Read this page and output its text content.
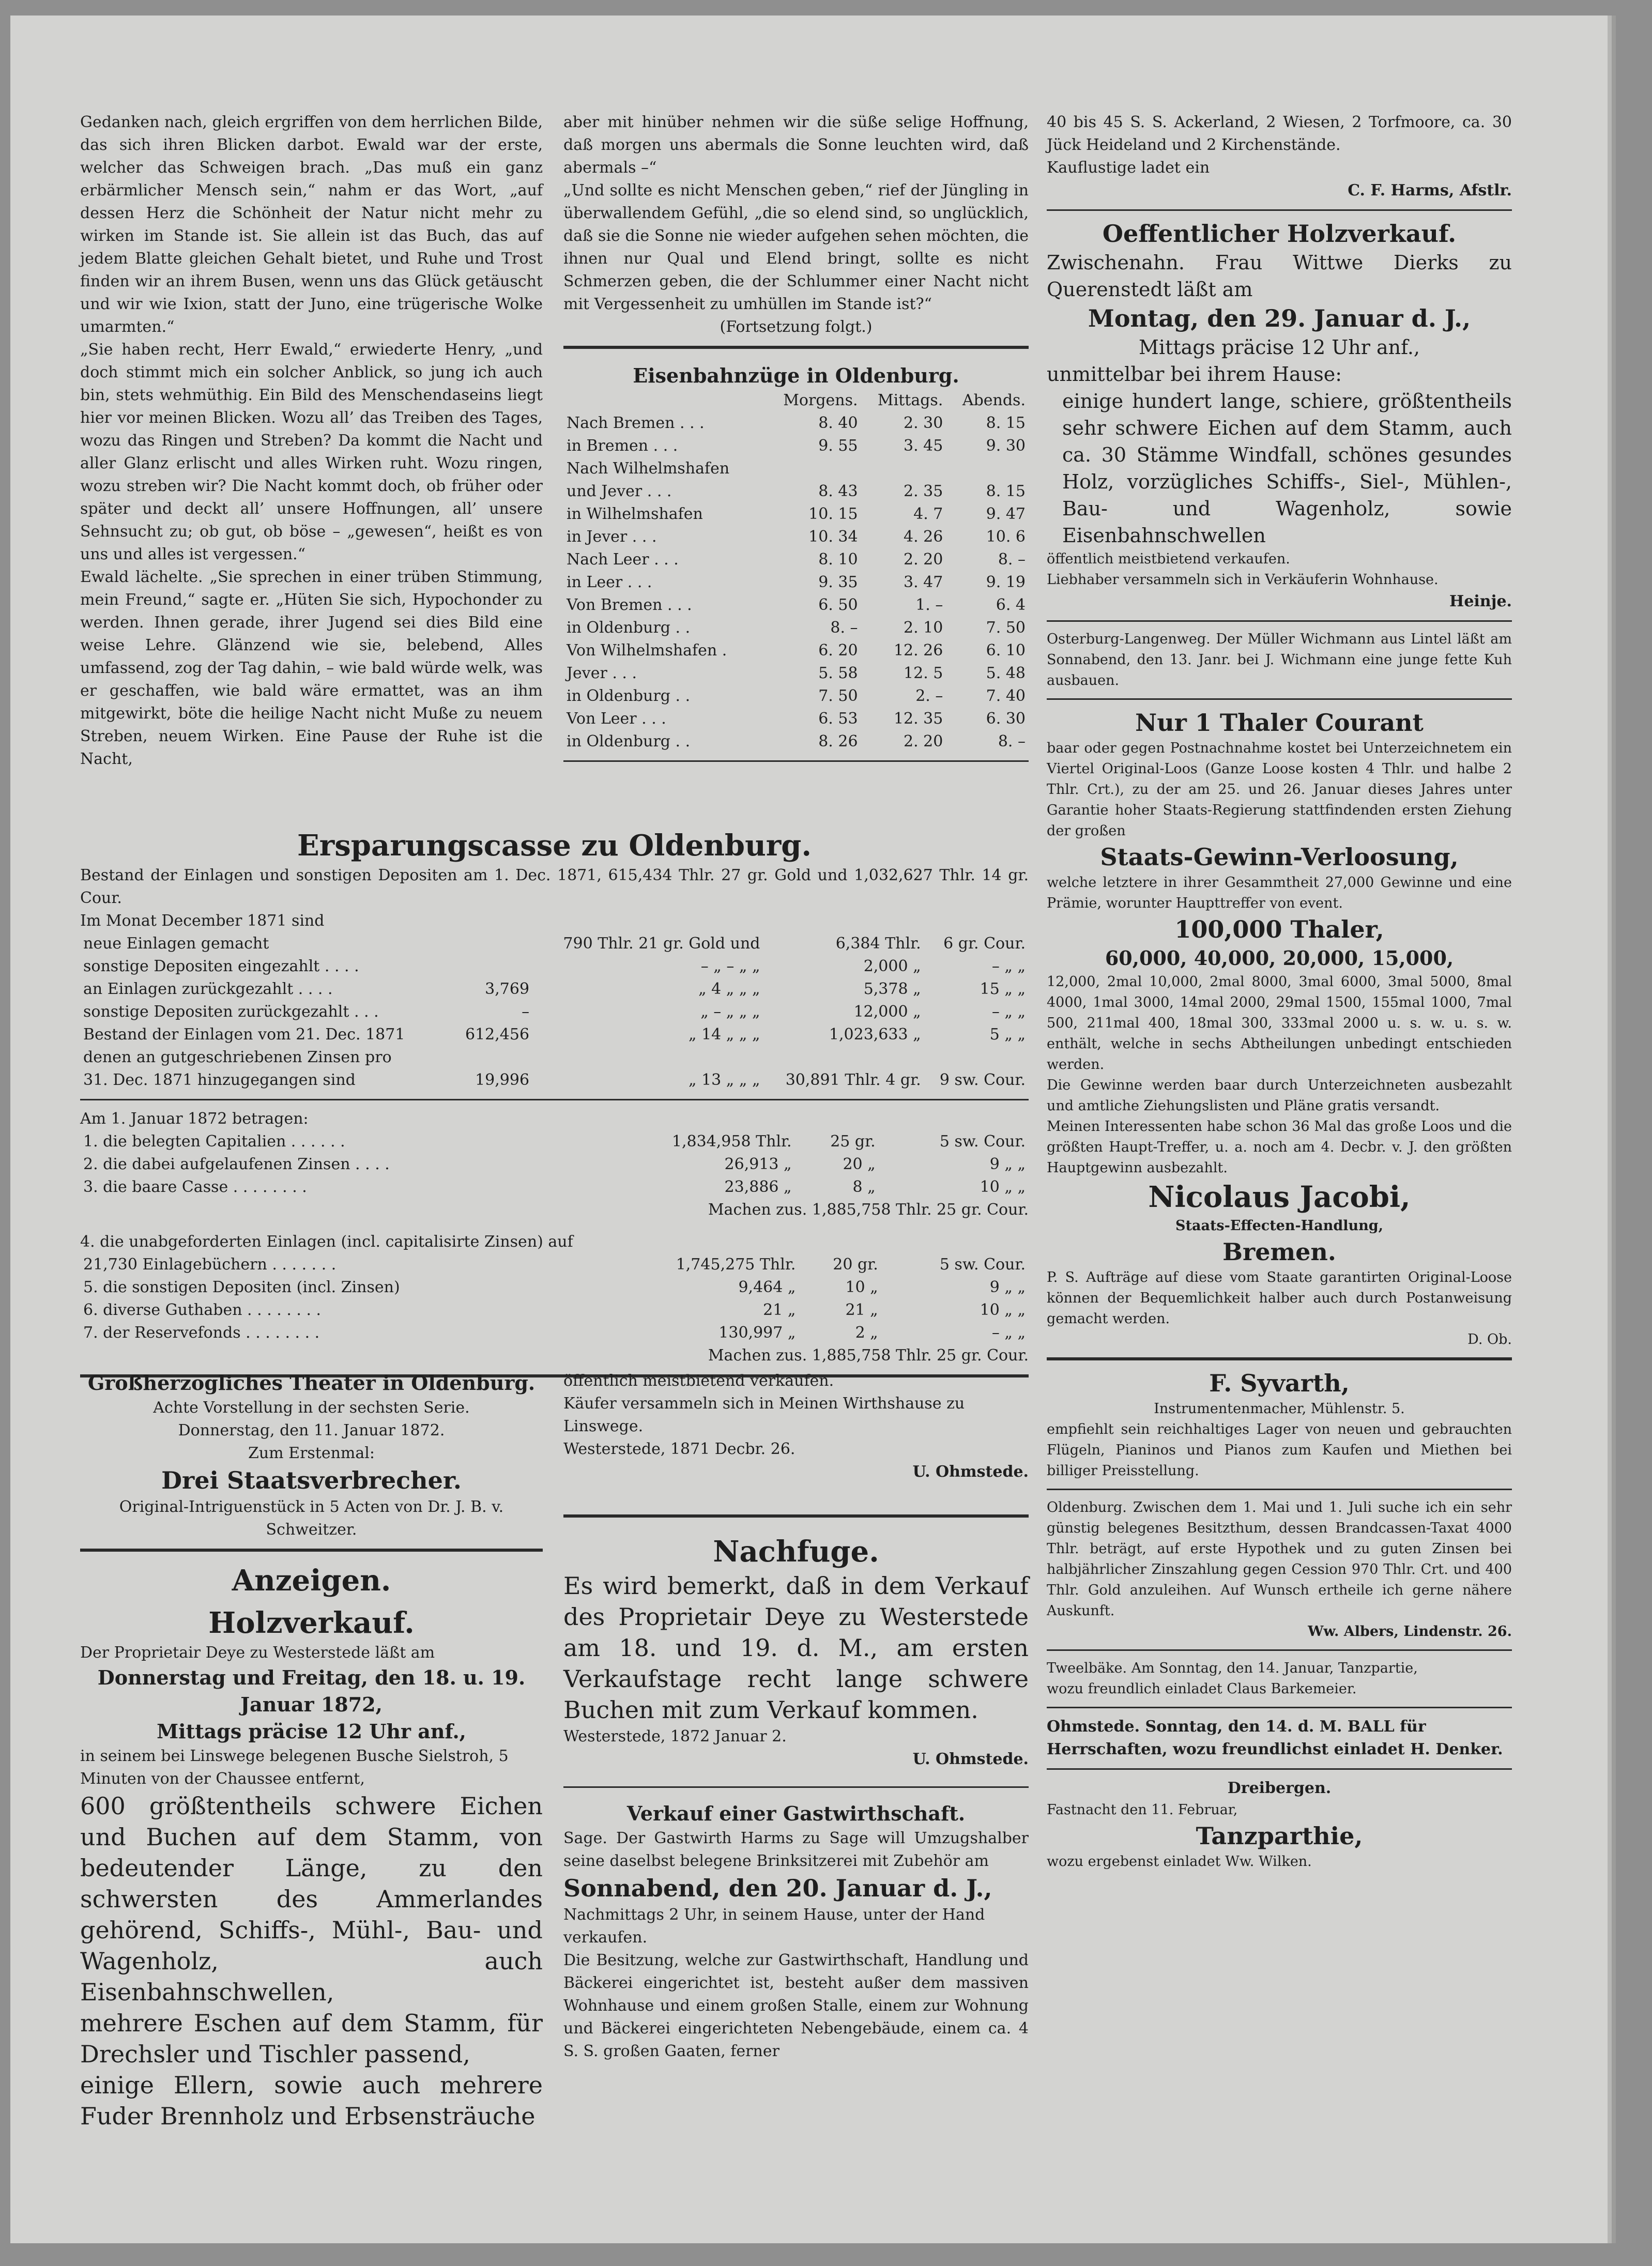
Gedanken nach, gleich ergriffen von dem herrlichen Bilde, das sich ihren Blicken darbot. Ewald war der erste, welcher das Schweigen brach. „Das muß ein ganz erbärmlicher Mensch sein,“ nahm er das Wort, „auf dessen Herz die Schönheit der Natur nicht mehr zu wirken im Stande ist. Sie allein ist das Buch, das auf jedem Blatte gleichen Gehalt bietet, und Ruhe und Trost finden wir an ihrem Busen, wenn uns das Glück getäuscht und wir wie Ixion, statt der Juno, eine trügerische Wolke umarmten.“

„Sie haben recht, Herr Ewald,“ erwiederte Henry, „und doch stimmt mich ein solcher Anblick, so jung ich auch bin, stets wehmüthig. Ein Bild des Menschendaseins liegt hier vor meinen Blicken. Wozu all’ das Treiben des Tages, wozu das Ringen und Streben? Da kommt die Nacht und aller Glanz erlischt und alles Wirken ruht. Wozu ringen, wozu streben wir? Die Nacht kommt doch, ob früher oder später und deckt all’ unsere Hoffnungen, all’ unsere Sehnsucht zu; ob gut, ob böse – „gewesen“, heißt es von uns und alles ist vergessen.“

Ewald lächelte. „Sie sprechen in einer trüben Stimmung, mein Freund,“ sagte er. „Hüten Sie sich, Hypochonder zu werden. Ihnen gerade, ihrer Jugend sei dies Bild eine weise Lehre. Glänzend wie sie, belebend, Alles umfassend, zog der Tag dahin, – wie bald würde welk, was er geschaffen, wie bald wäre ermattet, was an ihm mitgewirkt, böte die heilige Nacht nicht Muße zu neuem Streben, neuem Wirken. Eine Pause der Ruhe ist die Nacht,

aber mit hinüber nehmen wir die süße selige Hoffnung, daß morgen uns abermals die Sonne leuchten wird, daß abermals –“

„Und sollte es nicht Menschen geben,“ rief der Jüngling in überwallendem Gefühl, „die so elend sind, so unglücklich, daß sie die Sonne nie wieder aufgehen sehen möchten, die ihnen nur Qual und Elend bringt, sollte es nicht Schmerzen geben, die der Schlummer einer Nacht nicht mit Vergessenheit zu umhüllen im Stande ist?“

(Fortsetzung folgt.)

Eisenbahnzüge in Oldenburg.

	Morgens.	Mittags.	Abends.
Nach Bremen . . .	8. 40	2. 30	8. 15
in Bremen . . .	9. 55	3. 45	9. 30
Nach Wilhelmshafen			
und Jever . . .	8. 43	2. 35	8. 15
in Wilhelmshafen	10. 15	4. 7	9. 47
in Jever . . .	10. 34	4. 26	10. 6
Nach Leer . . .	8. 10	2. 20	8. –
in Leer . . .	9. 35	3. 47	9. 19
Von Bremen . . .	6. 50	1. –	6. 4
in Oldenburg . .	8. –	2. 10	7. 50
Von Wilhelmshafen .	6. 20	12. 26	6. 10
Jever . . .	5. 58	12. 5	5. 48
in Oldenburg . .	7. 50	2. –	7. 40
Von Leer . . .	6. 53	12. 35	6. 30
in Oldenburg . .	8. 26	2. 20	8. –

Ersparungscasse zu Oldenburg.

Bestand der Einlagen und sonstigen Depositen am 1. Dec. 1871, 615,434 Thlr. 27 gr. Gold und 1,032,627 Thlr. 14 gr. Cour.

Im Monat December 1871 sind

neue Einlagen gemacht		790 Thlr. 21 gr. Gold und	6,384 Thlr.	6 gr. Cour.
sonstige Depositen eingezahlt . . . .		– „ – „ „	2,000 „	– „ „
an Einlagen zurückgezahlt . . . .	3,769	„ 4 „ „ „	5,378 „	15 „ „
sonstige Depositen zurückgezahlt . . .	–	„ – „ „ „	12,000 „	– „ „
Bestand der Einlagen vom 21. Dec. 1871	612,456	„ 14 „ „ „	1,023,633 „	5 „ „
denen an gutgeschriebenen Zinsen pro				
31. Dec. 1871 hinzugegangen sind	19,996	„ 13 „ „ „	30,891 Thlr. 4 gr.	9 sw. Cour.

Am 1. Januar 1872 betragen:

1. die belegten Capitalien . . . . . .	1,834,958 Thlr.	25 gr.	5 sw. Cour.
2. die dabei aufgelaufenen Zinsen . . . .	26,913 „	20 „	9 „ „
3. die baare Casse . . . . . . . .	23,886 „	8 „	10 „ „

Machen zus. 1,885,758 Thlr. 25 gr. Cour.

4. die unabgeforderten Einlagen (incl. capitalisirte Zinsen) auf

21,730 Einlagebüchern . . . . . . .	1,745,275 Thlr.	20 gr.	5 sw. Cour.
5. die sonstigen Depositen (incl. Zinsen)	9,464 „	10 „	9 „ „
6. diverse Guthaben . . . . . . . .	21 „	21 „	10 „ „
7. der Reservefonds . . . . . . . .	130,997 „	2 „	– „ „

Machen zus. 1,885,758 Thlr. 25 gr. Cour.

Großherzogliches Theater in Oldenburg.

Achte Vorstellung in der sechsten Serie.

Donnerstag, den 11. Januar 1872.

Zum Erstenmal:

Drei Staatsverbrecher.

Original-Intriguenstück in 5 Acten von Dr. J. B. v. Schweitzer.

Anzeigen.

Holzverkauf.

Der Proprietair Deye zu Westerstede läßt am

Donnerstag und Freitag, den 18. u. 19. Januar 1872,

Mittags präcise 12 Uhr anf.,

in seinem bei Linswege belegenen Busche Sielstroh, 5 Minuten von der Chaussee entfernt,

600 größtentheils schwere Eichen und Buchen auf dem Stamm, von bedeutender Länge, zu den schwersten des Ammerlandes gehörend, Schiffs-, Mühl-, Bau- und Wagenholz, auch Eisenbahnschwellen,
mehrere Eschen auf dem Stamm, für Drechsler und Tischler passend,
einige Ellern, sowie auch mehrere Fuder Brennholz und Erbsensträuche

öffentlich meistbietend verkaufen.

Käufer versammeln sich in Meinen Wirthshause zu Linswege.

Westerstede, 1871 Decbr. 26.

U. Ohmstede.

Nachfuge.

Es wird bemerkt, daß in dem Verkauf des Proprietair Deye zu Westerstede am 18. und 19. d. M., am ersten Verkaufstage recht lange schwere Buchen mit zum Verkauf kommen.

Westerstede, 1872 Januar 2.

U. Ohmstede.

Verkauf einer Gastwirthschaft.

Sage. Der Gastwirth Harms zu Sage will Umzugshalber seine daselbst belegene Brinksitzerei mit Zubehör am

Sonnabend, den 20. Januar d. J.,

Nachmittags 2 Uhr, in seinem Hause, unter der Hand verkaufen.

Die Besitzung, welche zur Gastwirthschaft, Handlung und Bäckerei eingerichtet ist, besteht außer dem massiven Wohnhause und einem großen Stalle, einem zur Wohnung und Bäckerei eingerichteten Nebengebäude, einem ca. 4 S. S. großen Gaaten, ferner

40 bis 45 S. S. Ackerland, 2 Wiesen, 2 Torfmoore, ca. 30 Jück Heideland und 2 Kirchenstände.
Kauflustige ladet ein

C. F. Harms, Afstlr.

Oeffentlicher Holzverkauf.

Zwischenahn. Frau Wittwe Dierks zu Querenstedt läßt am

Montag, den 29. Januar d. J.,

Mittags präcise 12 Uhr anf.,

unmittelbar bei ihrem Hause:

einige hundert lange, schiere, größtentheils sehr schwere Eichen auf dem Stamm, auch ca. 30 Stämme Windfall, schönes gesundes Holz, vorzügliches Schiffs-, Siel-, Mühlen-, Bau- und Wagenholz, sowie Eisenbahnschwellen

öffentlich meistbietend verkaufen.
Liebhaber versammeln sich in Verkäuferin Wohnhause.

Heinje.

Osterburg-Langenweg. Der Müller Wichmann aus Lintel läßt am Sonnabend, den 13. Janr. bei J. Wichmann eine junge fette Kuh ausbauen.

Nur 1 Thaler Courant

baar oder gegen Postnachnahme kostet bei Unterzeichnetem ein Viertel Original-Loos (Ganze Loose kosten 4 Thlr. und halbe 2 Thlr. Crt.), zu der am 25. und 26. Januar dieses Jahres unter Garantie hoher Staats-Regierung stattfindenden ersten Ziehung der großen

Staats-Gewinn-Verloosung,

welche letztere in ihrer Gesammtheit 27,000 Gewinne und eine Prämie, worunter Haupttreffer von event.

100,000 Thaler,

60,000, 40,000, 20,000, 15,000,

12,000, 2mal 10,000, 2mal 8000, 3mal 6000, 3mal 5000, 8mal 4000, 1mal 3000, 14mal 2000, 29mal 1500, 155mal 1000, 7mal 500, 211mal 400, 18mal 300, 333mal 2000 u. s. w. u. s. w. enthält, welche in sechs Abtheilungen unbedingt entschieden werden.

Die Gewinne werden baar durch Unterzeichneten ausbezahlt und amtliche Ziehungslisten und Pläne gratis versandt.
Meinen Interessenten habe schon 36 Mal das große Loos und die größten Haupt-Treffer, u. a. noch am 4. Decbr. v. J. den größten Hauptgewinn ausbezahlt.

Nicolaus Jacobi,

Staats-Effecten-Handlung,

Bremen.

P. S. Aufträge auf diese vom Staate garantirten Original-Loose können der Bequemlichkeit halber auch durch Postanweisung gemacht werden.

D. Ob.

F. Syvarth,

Instrumentenmacher, Mühlenstr. 5.

empfiehlt sein reichhaltiges Lager von neuen und gebrauchten Flügeln, Pianinos und Pianos zum Kaufen und Miethen bei billiger Preisstellung.

Oldenburg. Zwischen dem 1. Mai und 1. Juli suche ich ein sehr günstig belegenes Besitzthum, dessen Brandcassen-Taxat 4000 Thlr. beträgt, auf erste Hypothek und zu guten Zinsen bei halbjährlicher Zinszahlung gegen Cession 970 Thlr. Crt. und 400 Thlr. Gold anzuleihen. Auf Wunsch ertheile ich gerne nähere Auskunft.

Ww. Albers, Lindenstr. 26.

Tweelbäke. Am Sonntag, den 14. Januar, Tanzpartie,
wozu freundlich einladet Claus Barkemeier.

Ohmstede. Sonntag, den 14. d. M. BALL für Herrschaften, wozu freundlichst einladet H. Denker.

Dreibergen.

Fastnacht den 11. Februar,

Tanzparthie,

wozu ergebenst einladet Ww. Wilken.
